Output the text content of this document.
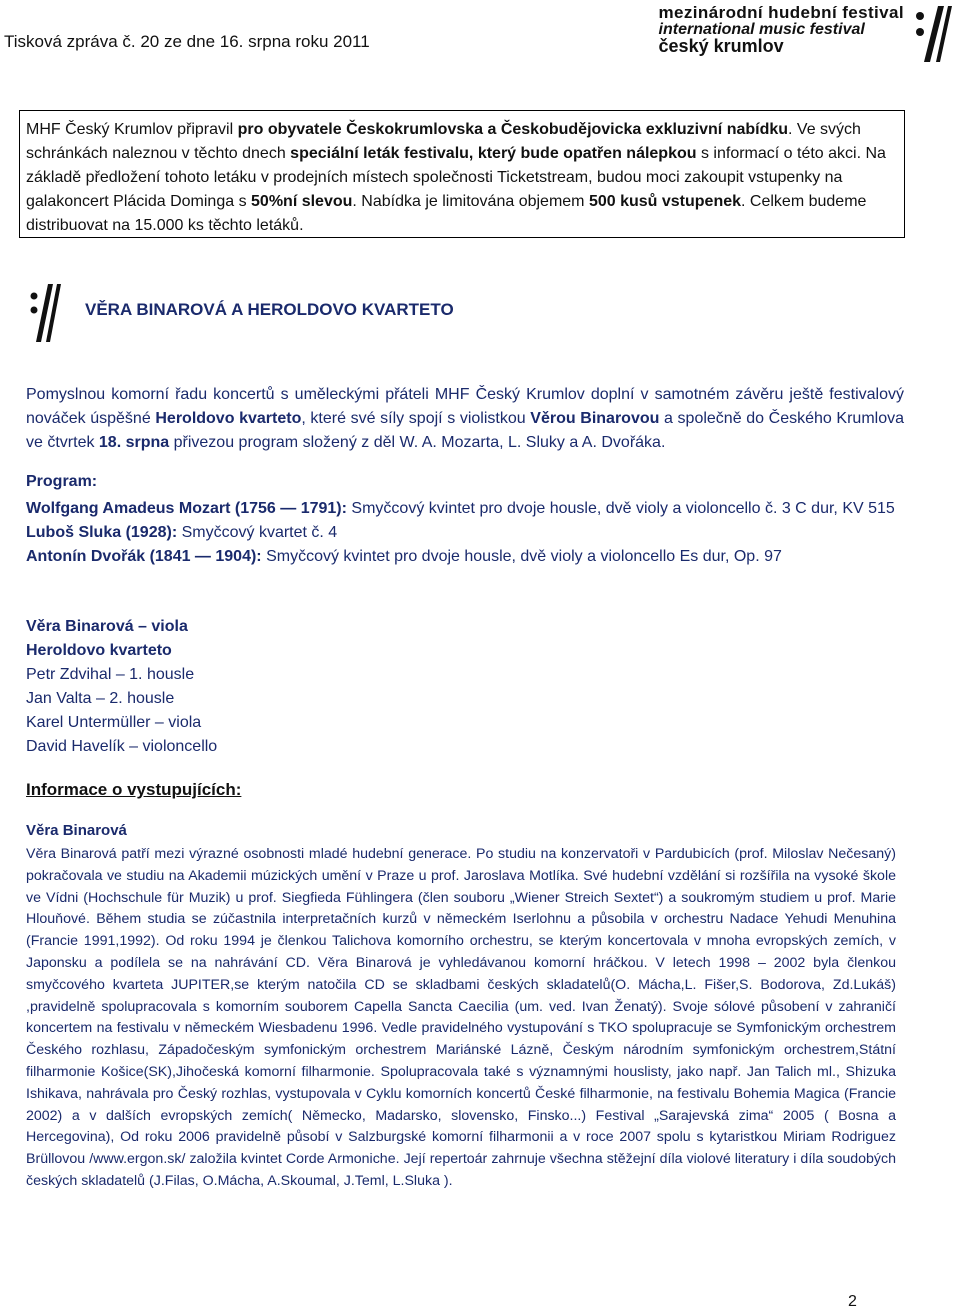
Tisková zpráva č. 20 ze dne 16. srpna roku 2011
mezinárodní hudební festival
international music festival
český krumlov

MHF Český Krumlov připravil pro obyvatele Českokrumlovska a Českobudějovicka exkluzivní nabídku. Ve svých schránkách naleznou v těchto dnech speciální leták festivalu, který bude opatřen nálepkou s informací o této akci. Na základě předložení tohoto letáku v prodejních místech společnosti Ticketstream, budou moci zakoupit vstupenky na galakoncert Plácida Dominga s 50%ní slevou. Nabídka je limitována objemem 500 kusů vstupenek. Celkem budeme distribuovat na 15.000 ks těchto letáků.

VĚRA BINAROVÁ A HEROLDOVO KVARTETO
Pomyslnou komorní řadu koncertů s uměleckými přáteli MHF Český Krumlov doplní v samotném závěru ještě festivalový nováček úspěšné Heroldovo kvarteto, které své síly spojí s violistkou Věrou Binarovou a společně do Českého Krumlova ve čtvrtek 18. srpna přivezou program složený z děl W. A. Mozarta, L. Sluky a A. Dvořáka.
Program:

Wolfgang Amadeus Mozart (1756 — 1791): Smyčcový kvintet pro dvoje housle, dvě violy a violoncello č. 3 C dur, KV 515

Luboš Sluka (1928): Smyčcový kvartet č. 4

Antonín Dvořák (1841 — 1904): Smyčcový kvintet pro dvoje housle, dvě violy a violoncello Es dur, Op. 97

Věra Binarová – viola

Heroldovo kvarteto

Petr Zdvihal – 1. housle

Jan Valta – 2. housle

Karel Untermüller – viola

David Havelík – violoncello

Informace o vystupujících:
Věra Binarová
Věra Binarová patří mezi výrazné osobnosti mladé hudební generace. Po studiu na konzervatoři v Pardubicích (prof. Miloslav Nečesaný) pokračovala ve studiu na Akademii múzických umění v Praze u prof. Jaroslava Motlíka. Své hudební vzdělání si rozšířila na vysoké škole ve Vídni (Hochschule für Muzik) u prof. Siegfieda Fühlingera (člen souboru „Wiener Streich Sextet“) a soukromým studiem u prof. Marie Hlouňové. Během studia se zúčastnila interpretačních kurzů v německém Iserlohnu a působila v orchestru Nadace Yehudi Menuhina (Francie 1991,1992). Od roku 1994 je členkou Talichova komorního orchestru, se kterým koncertovala v mnoha evropských zemích, v Japonsku a podílela se na nahrávání CD. Věra Binarová je vyhledávanou komorní hráčkou. V letech 1998 – 2002 byla členkou smyčcového kvarteta JUPITER,se kterým natočila CD se skladbami českých skladatelů(O. Mácha,L. Fišer,S. Bodorova, Zd.Lukáš) ,pravidelně spolupracovala s komorním souborem Capella Sancta Caecilia (um. ved. Ivan Ženatý). Svoje sólové působení v zahraničí koncertem na festivalu v německém Wiesbadenu 1996. Vedle pravidelného vystupování s TKO spolupracuje se Symfonickým orchestrem Českého rozhlasu, Západočeským symfonickým orchestrem Mariánské Lázně, Českým národním symfonickým orchestrem,Státní filharmonie Košice(SK),Jihočeská komorní filharmonie. Spolupracovala také s významnými houslisty, jako např. Jan Talich ml., Shizuka Ishikava, nahrávala pro Český rozhlas, vystupovala v Cyklu komorních koncertů České filharmonie, na festivalu Bohemia Magica (Francie 2002) a v dalších evropských zemích( Německo, Madarsko, slovensko, Finsko...) Festival „Sarajevská zima“ 2005 ( Bosna a Hercegovina), Od roku 2006 pravidelně působí v Salzburgské komorní filharmonii a v roce 2007 spolu s kytaristkou Miriam Rodriguez Brüllovou /www.ergon.sk/ založila kvintet Corde Armoniche. Její repertoár zahrnuje všechna stěžejní díla violové literatury i díla soudobých českých skladatelů (J.Filas, O.Mácha, A.Skoumal, J.Teml, L.Sluka ).
2
